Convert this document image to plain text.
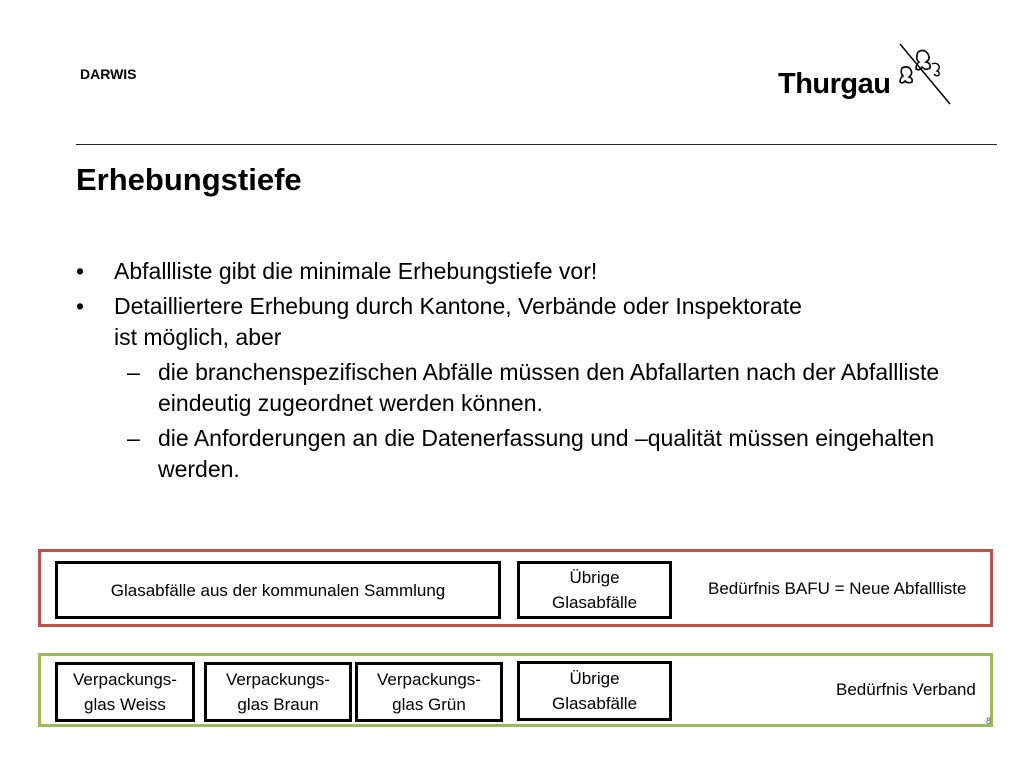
DARWIS	Thurgau
Erhebungstiefe
• Abfallliste gibt die minimale Erhebungstiefe vor!
• Detailliertere Erhebung durch Kantone, Verbände oder Inspektorate ist möglich, aber
– die branchenspezifischen Abfälle müssen den Abfallarten nach der Abfallliste eindeutig zugeordnet werden können.
– die Anforderungen an die Datenerfassung und –qualität müssen eingehalten werden.
Glasabfälle aus der kommunalen Sammlung
Übrige
Glasabfälle
Bedürfnis BAFU = Neue Abfallliste
Verpackungs-
glas Weiss
Verpackungs-
glas Braun
Verpackungs-
glas Grün
Übrige
Glasabfälle
Bedürfnis Verband
8
